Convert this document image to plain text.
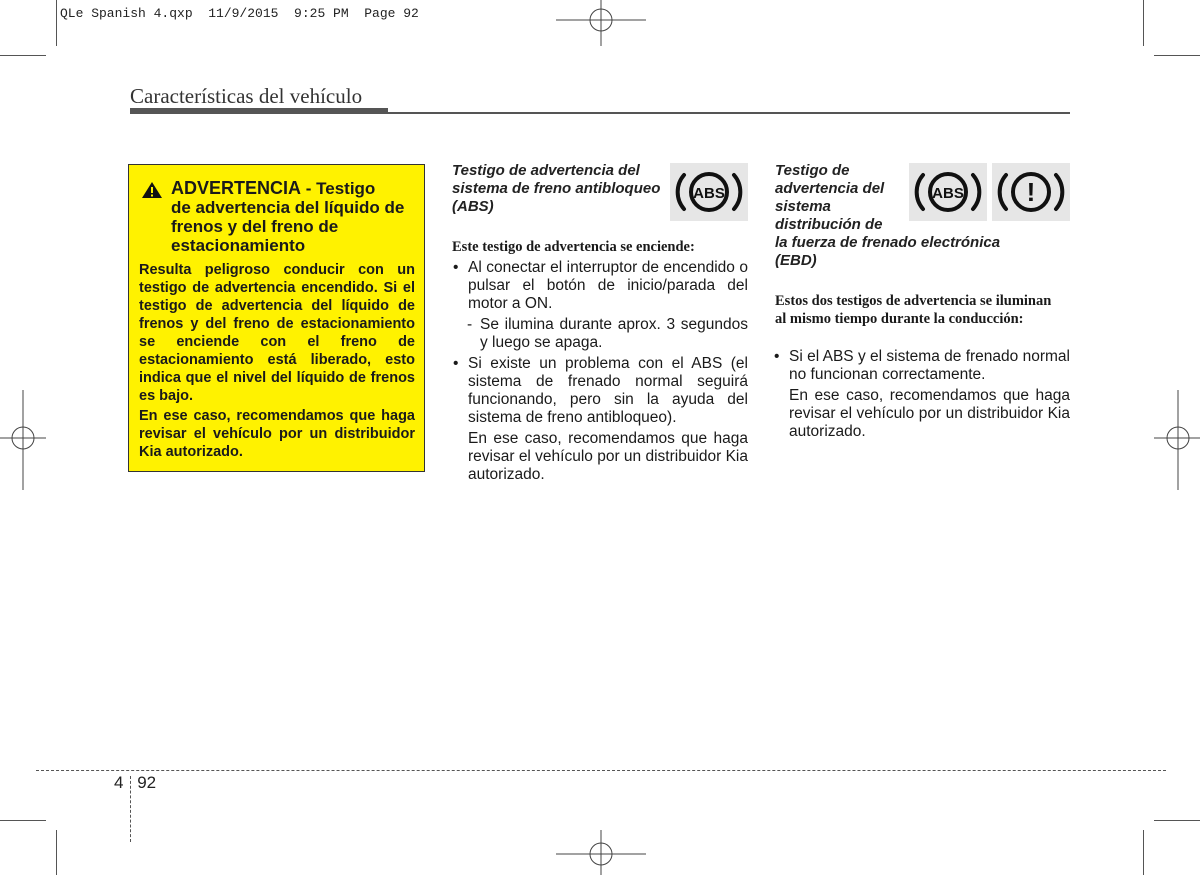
QLe Spanish 4.qxp  11/9/2015  9:25 PM  Page 92
Características del vehículo
ADVERTENCIA - Testigo
de advertencia del líquido de frenos y del freno de estacionamiento

Resulta peligroso conducir con un testigo de advertencia encendido. Si el testigo de advertencia del líquido de frenos y del freno de estacionamiento se enciende con el freno de estacionamiento está liberado, esto indica que el nivel del líquido de frenos es bajo.

En ese caso, recomendamos que haga revisar el vehículo por un distribuidor Kia autorizado.

Testigo de advertencia del sistema de freno antibloqueo (ABS)
ABS
Este testigo de advertencia se enciende:
• Al conectar el interruptor de encendido o pulsar el botón de inicio/parada del motor a ON.
- Se ilumina durante aprox. 3 segundos y luego se apaga.
• Si existe un problema con el ABS (el sistema de frenado normal seguirá funcionando, pero sin la ayuda del sistema de freno antibloqueo).
En ese caso, recomendamos que haga revisar el vehículo por un distribuidor Kia autorizado.
Testigo de
advertencia del
sistema
distribución de
la fuerza de frenado electrónica
(EBD)
ABS !
Estos dos testigos de advertencia se iluminan al mismo tiempo durante la conducción:
• Si el ABS y el sistema de frenado normal no funcionan correctamente.
En ese caso, recomendamos que haga revisar el vehículo por un distribuidor Kia autorizado.
4 92
